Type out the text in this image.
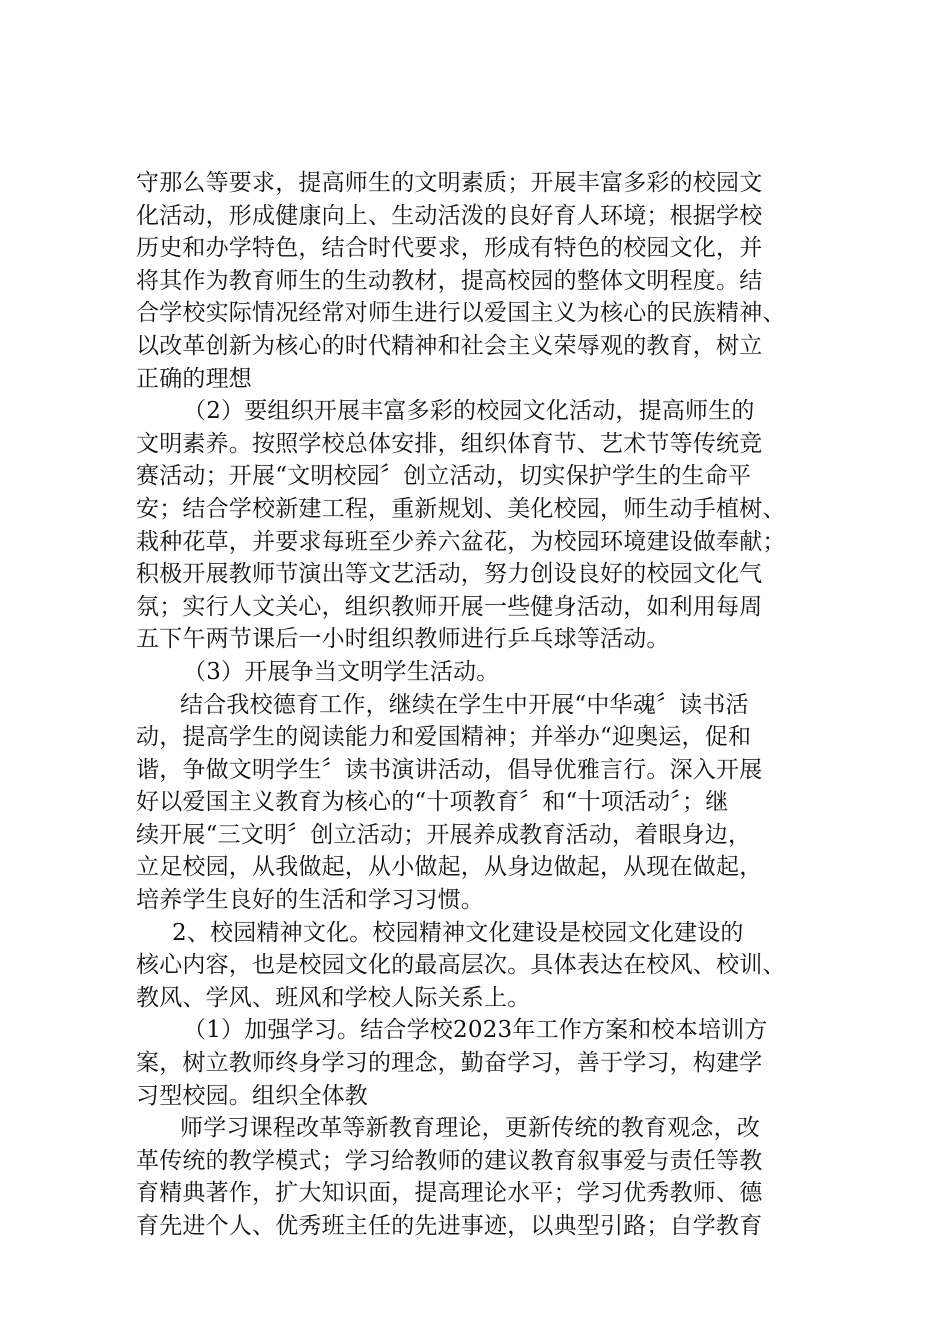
守那么等要求，提高师生的文明素质；开展丰富多彩的校园文
化活动，形成健康向上、生动活泼的良好育人环境；根据学校
历史和办学特色，结合时代要求，形成有特色的校园文化，并
将其作为教育师生的生动教材，提高校园的整体文明程度。结
合学校实际情况经常对师生进行以爱国主义为核心的民族精神、
以改革创新为核心的时代精神和社会主义荣辱观的教育，树立
正确的理想
（2）要组织开展丰富多彩的校园文化活动，提高师生的
文明素养。按照学校总体安排，组织体育节、艺术节等传统竞
赛活动；开展“文明校园〞创立活动，切实保护学生的生命平
安；结合学校新建工程，重新规划、美化校园，师生动手植树、
栽种花草，并要求每班至少养六盆花，为校园环境建设做奉献；
积极开展教师节演出等文艺活动，努力创设良好的校园文化气
氛；实行人文关心，组织教师开展一些健身活动，如利用每周
五下午两节课后一小时组织教师进行乒乓球等活动。
（3）开展争当文明学生活动。
结合我校德育工作，继续在学生中开展“中华魂〞读书活
动，提高学生的阅读能力和爱国精神；并举办“迎奥运，促和
谐，争做文明学生〞读书演讲活动，倡导优雅言行。深入开展
好以爱国主义教育为核心的“十项教育〞和“十项活动〞；继
续开展“三文明〞创立活动；开展养成教育活动，着眼身边，
立足校园，从我做起，从小做起，从身边做起，从现在做起，
培养学生良好的生活和学习习惯。
2、校园精神文化。校园精神文化建设是校园文化建设的
核心内容，也是校园文化的最高层次。具体表达在校风、校训、
教风、学风、班风和学校人际关系上。
（1）加强学习。结合学校2023年工作方案和校本培训方
案，树立教师终身学习的理念，勤奋学习，善于学习，构建学
习型校园。组织全体教
师学习课程改革等新教育理论，更新传统的教育观念，改
革传统的教学模式；学习给教师的建议教育叙事爱与责任等教
育精典著作，扩大知识面，提高理论水平；学习优秀教师、德
育先进个人、优秀班主任的先进事迹，以典型引路；自学教育
